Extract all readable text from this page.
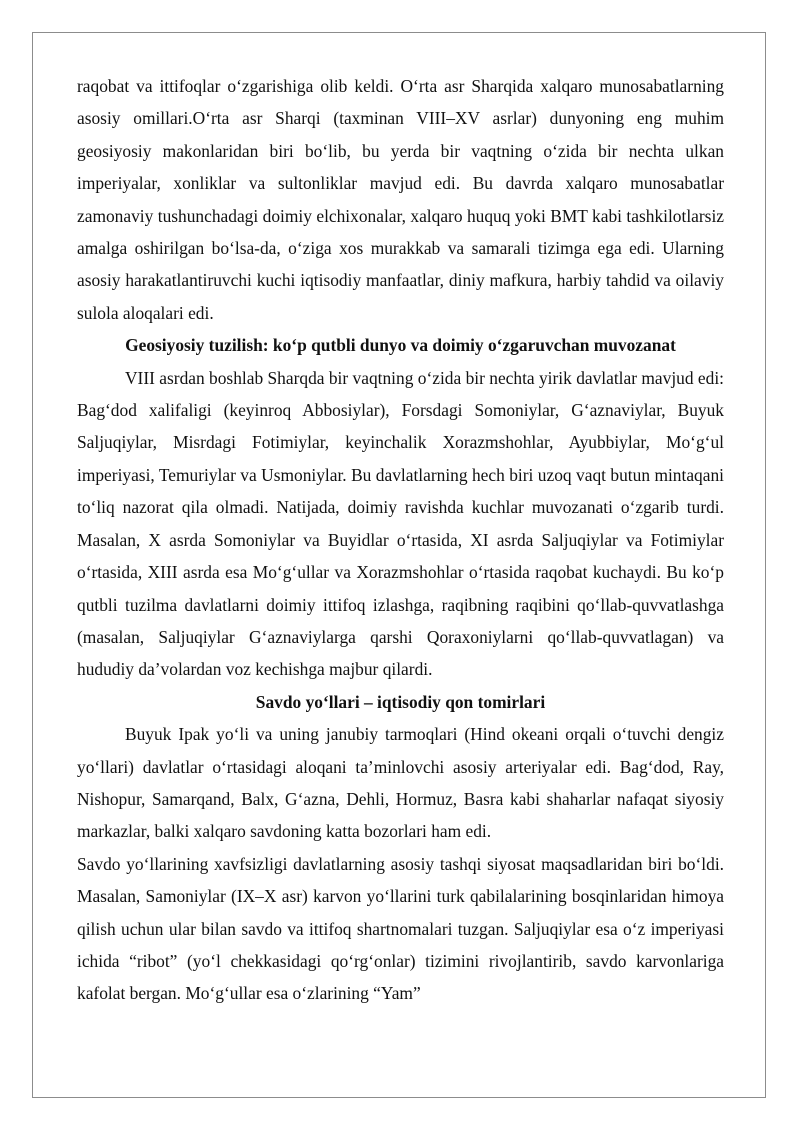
raqobat va ittifoqlar o‘zgarishiga olib keldi. O‘rta asr Sharqida xalqaro munosabatlarning asosiy omillari.O‘rta asr Sharqi (taxminan VIII–XV asrlar) dunyoning eng muhim geosiyosiy makonlaridan biri bo‘lib, bu yerda bir vaqtning o‘zida bir nechta ulkan imperiyalar, xonliklar va sultonliklar mavjud edi. Bu davrda xalqaro munosabatlar zamonaviy tushunchadagi doimiy elchixonalar, xalqaro huquq yoki BMT kabi tashkilotlarsiz amalga oshirilgan bo‘lsa-da, o‘ziga xos murakkab va samarali tizimga ega edi. Ularning asosiy harakatlantiruvchi kuchi iqtisodiy manfaatlar, diniy mafkura, harbiy tahdid va oilaviy sulola aloqalari edi.

Geosiyosiy tuzilish: ko‘p qutbli dunyo va doimiy o‘zgaruvchan muvozanat

VIII asrdan boshlab Sharqda bir vaqtning o‘zida bir nechta yirik davlatlar mavjud edi: Bag‘dod xalifaligi (keyinroq Abbosiylar), Forsdagi Somoniylar, G‘aznaviylar, Buyuk Saljuqiylar, Misrdagi Fotimiylar, keyinchalik Xorazmshohlar, Ayubbiylar, Mo‘g‘ul imperiyasi, Temuriylar va Usmoniylar. Bu davlatlarning hech biri uzoq vaqt butun mintaqani to‘liq nazorat qila olmadi. Natijada, doimiy ravishda kuchlar muvozanati o‘zgarib turdi. Masalan, X asrda Somoniylar va Buyidlar o‘rtasida, XI asrda Saljuqiylar va Fotimiylar o‘rtasida, XIII asrda esa Mo‘g‘ullar va Xorazmshohlar o‘rtasida raqobat kuchaydi. Bu ko‘p qutbli tuzilma davlatlarni doimiy ittifoq izlashga, raqibning raqibini qo‘llab-quvvatlashga (masalan, Saljuqiylar G‘aznaviylarga qarshi Qoraxoniylarni qo‘llab-quvvatlagan) va hududiy da’volardan voz kechishga majbur qilardi.

Savdo yo‘llari – iqtisodiy qon tomirlari

Buyuk Ipak yo‘li va uning janubiy tarmoqlari (Hind okeani orqali o‘tuvchi dengiz yo‘llari) davlatlar o‘rtasidagi aloqani ta’minlovchi asosiy arteriyalar edi. Bag‘dod, Ray, Nishopur, Samarqand, Balx, G‘azna, Dehli, Hormuz, Basra kabi shaharlar nafaqat siyosiy markazlar, balki xalqaro savdoning katta bozorlari ham edi.

Savdo yo‘llarining xavfsizligi davlatlarning asosiy tashqi siyosat maqsadlaridan biri bo‘ldi. Masalan, Samoniylar (IX–X asr) karvon yo‘llarini turk qabilalarining bosqinlaridan himoya qilish uchun ular bilan savdo va ittifoq shartnomalari tuzgan. Saljuqiylar esa o‘z imperiyasi ichida “ribot” (yo‘l chekkasidagi qo‘rg‘onlar) tizimini rivojlantirib, savdo karvonlariga kafolat bergan. Mo‘g‘ullar esa o‘zlarining “Yam”
